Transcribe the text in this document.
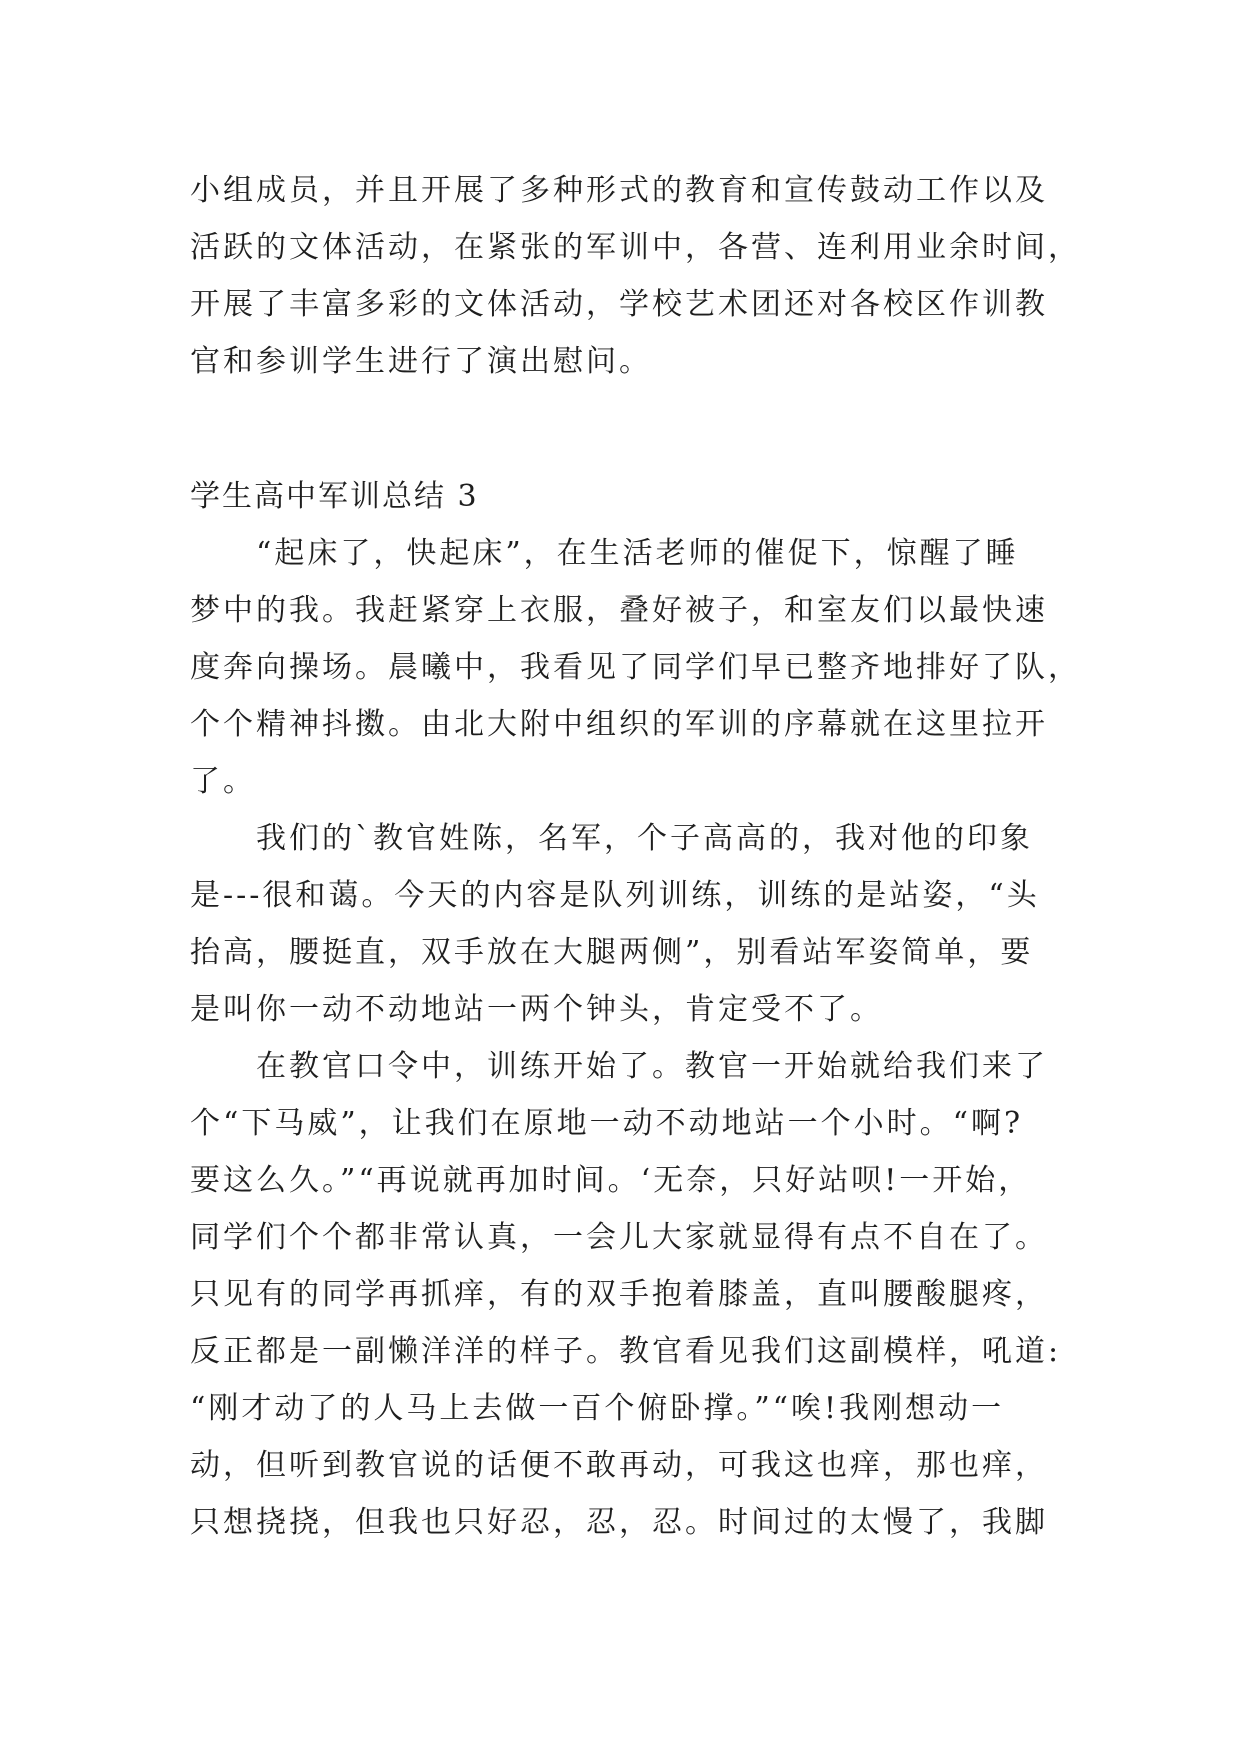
小组成员，并且开展了多种形式的教育和宣传鼓动工作以及
活跃的文体活动，在紧张的军训中，各营、连利用业余时间，
开展了丰富多彩的文体活动，学校艺术团还对各校区作训教
官和参训学生进行了演出慰问。
学生高中军训总结 3
“起床了，快起床”，在生活老师的催促下，惊醒了睡
梦中的我。我赶紧穿上衣服，叠好被子，和室友们以最快速
度奔向操场。晨曦中，我看见了同学们早已整齐地排好了队，
个个精神抖擞。由北大附中组织的军训的序幕就在这里拉开
了。
我们的`教官姓陈，名军，个子高高的，我对他的印象
是---很和蔼。今天的内容是队列训练，训练的是站姿，“头
抬高，腰挺直，双手放在大腿两侧”，别看站军姿简单，要
是叫你一动不动地站一两个钟头，肯定受不了。
在教官口令中，训练开始了。教官一开始就给我们来了
个“下马威”，让我们在原地一动不动地站一个小时。“啊?
要这么久。”“再说就再加时间。‘无奈，只好站呗!一开始，
同学们个个都非常认真，一会儿大家就显得有点不自在了。
只见有的同学再抓痒，有的双手抱着膝盖，直叫腰酸腿疼，
反正都是一副懒洋洋的样子。教官看见我们这副模样，吼道:
“刚才动了的人马上去做一百个俯卧撑。”“唉!我刚想动一
动，但听到教官说的话便不敢再动，可我这也痒，那也痒，
只想挠挠，但我也只好忍，忍，忍。时间过的太慢了，我脚
